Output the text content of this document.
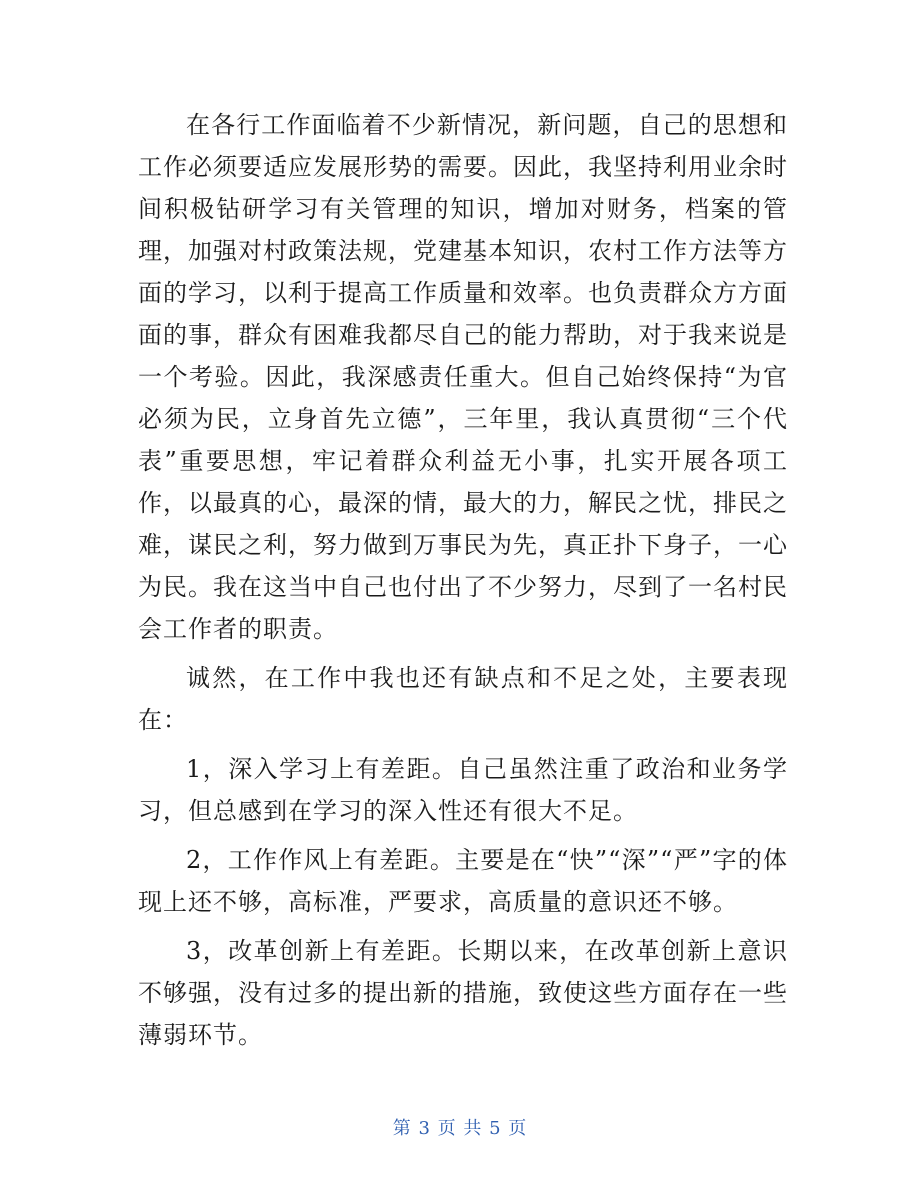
在各行工作面临着不少新情况，新问题，自己的思想和工作必须要适应发展形势的需要。因此，我坚持利用业余时间积极钻研学习有关管理的知识，增加对财务，档案的管理，加强对村政策法规，党建基本知识，农村工作方法等方面的学习，以利于提高工作质量和效率。也负责群众方方面面的事，群众有困难我都尽自己的能力帮助，对于我来说是一个考验。因此，我深感责任重大。但自己始终保持“为官必须为民，立身首先立德”，三年里，我认真贯彻“三个代表”重要思想，牢记着群众利益无小事，扎实开展各项工作，以最真的心，最深的情，最大的力，解民之忧，排民之难，谋民之利，努力做到万事民为先，真正扑下身子，一心为民。我在这当中自己也付出了不少努力，尽到了一名村民会工作者的职责。

诚然，在工作中我也还有缺点和不足之处，主要表现在：

1，深入学习上有差距。自己虽然注重了政治和业务学习，但总感到在学习的深入性还有很大不足。

2，工作作风上有差距。主要是在“快”“深”“严”字的体现上还不够，高标准，严要求，高质量的意识还不够。

3，改革创新上有差距。长期以来，在改革创新上意识不够强，没有过多的提出新的措施，致使这些方面存在一些薄弱环节。

第 3 页 共 5 页
